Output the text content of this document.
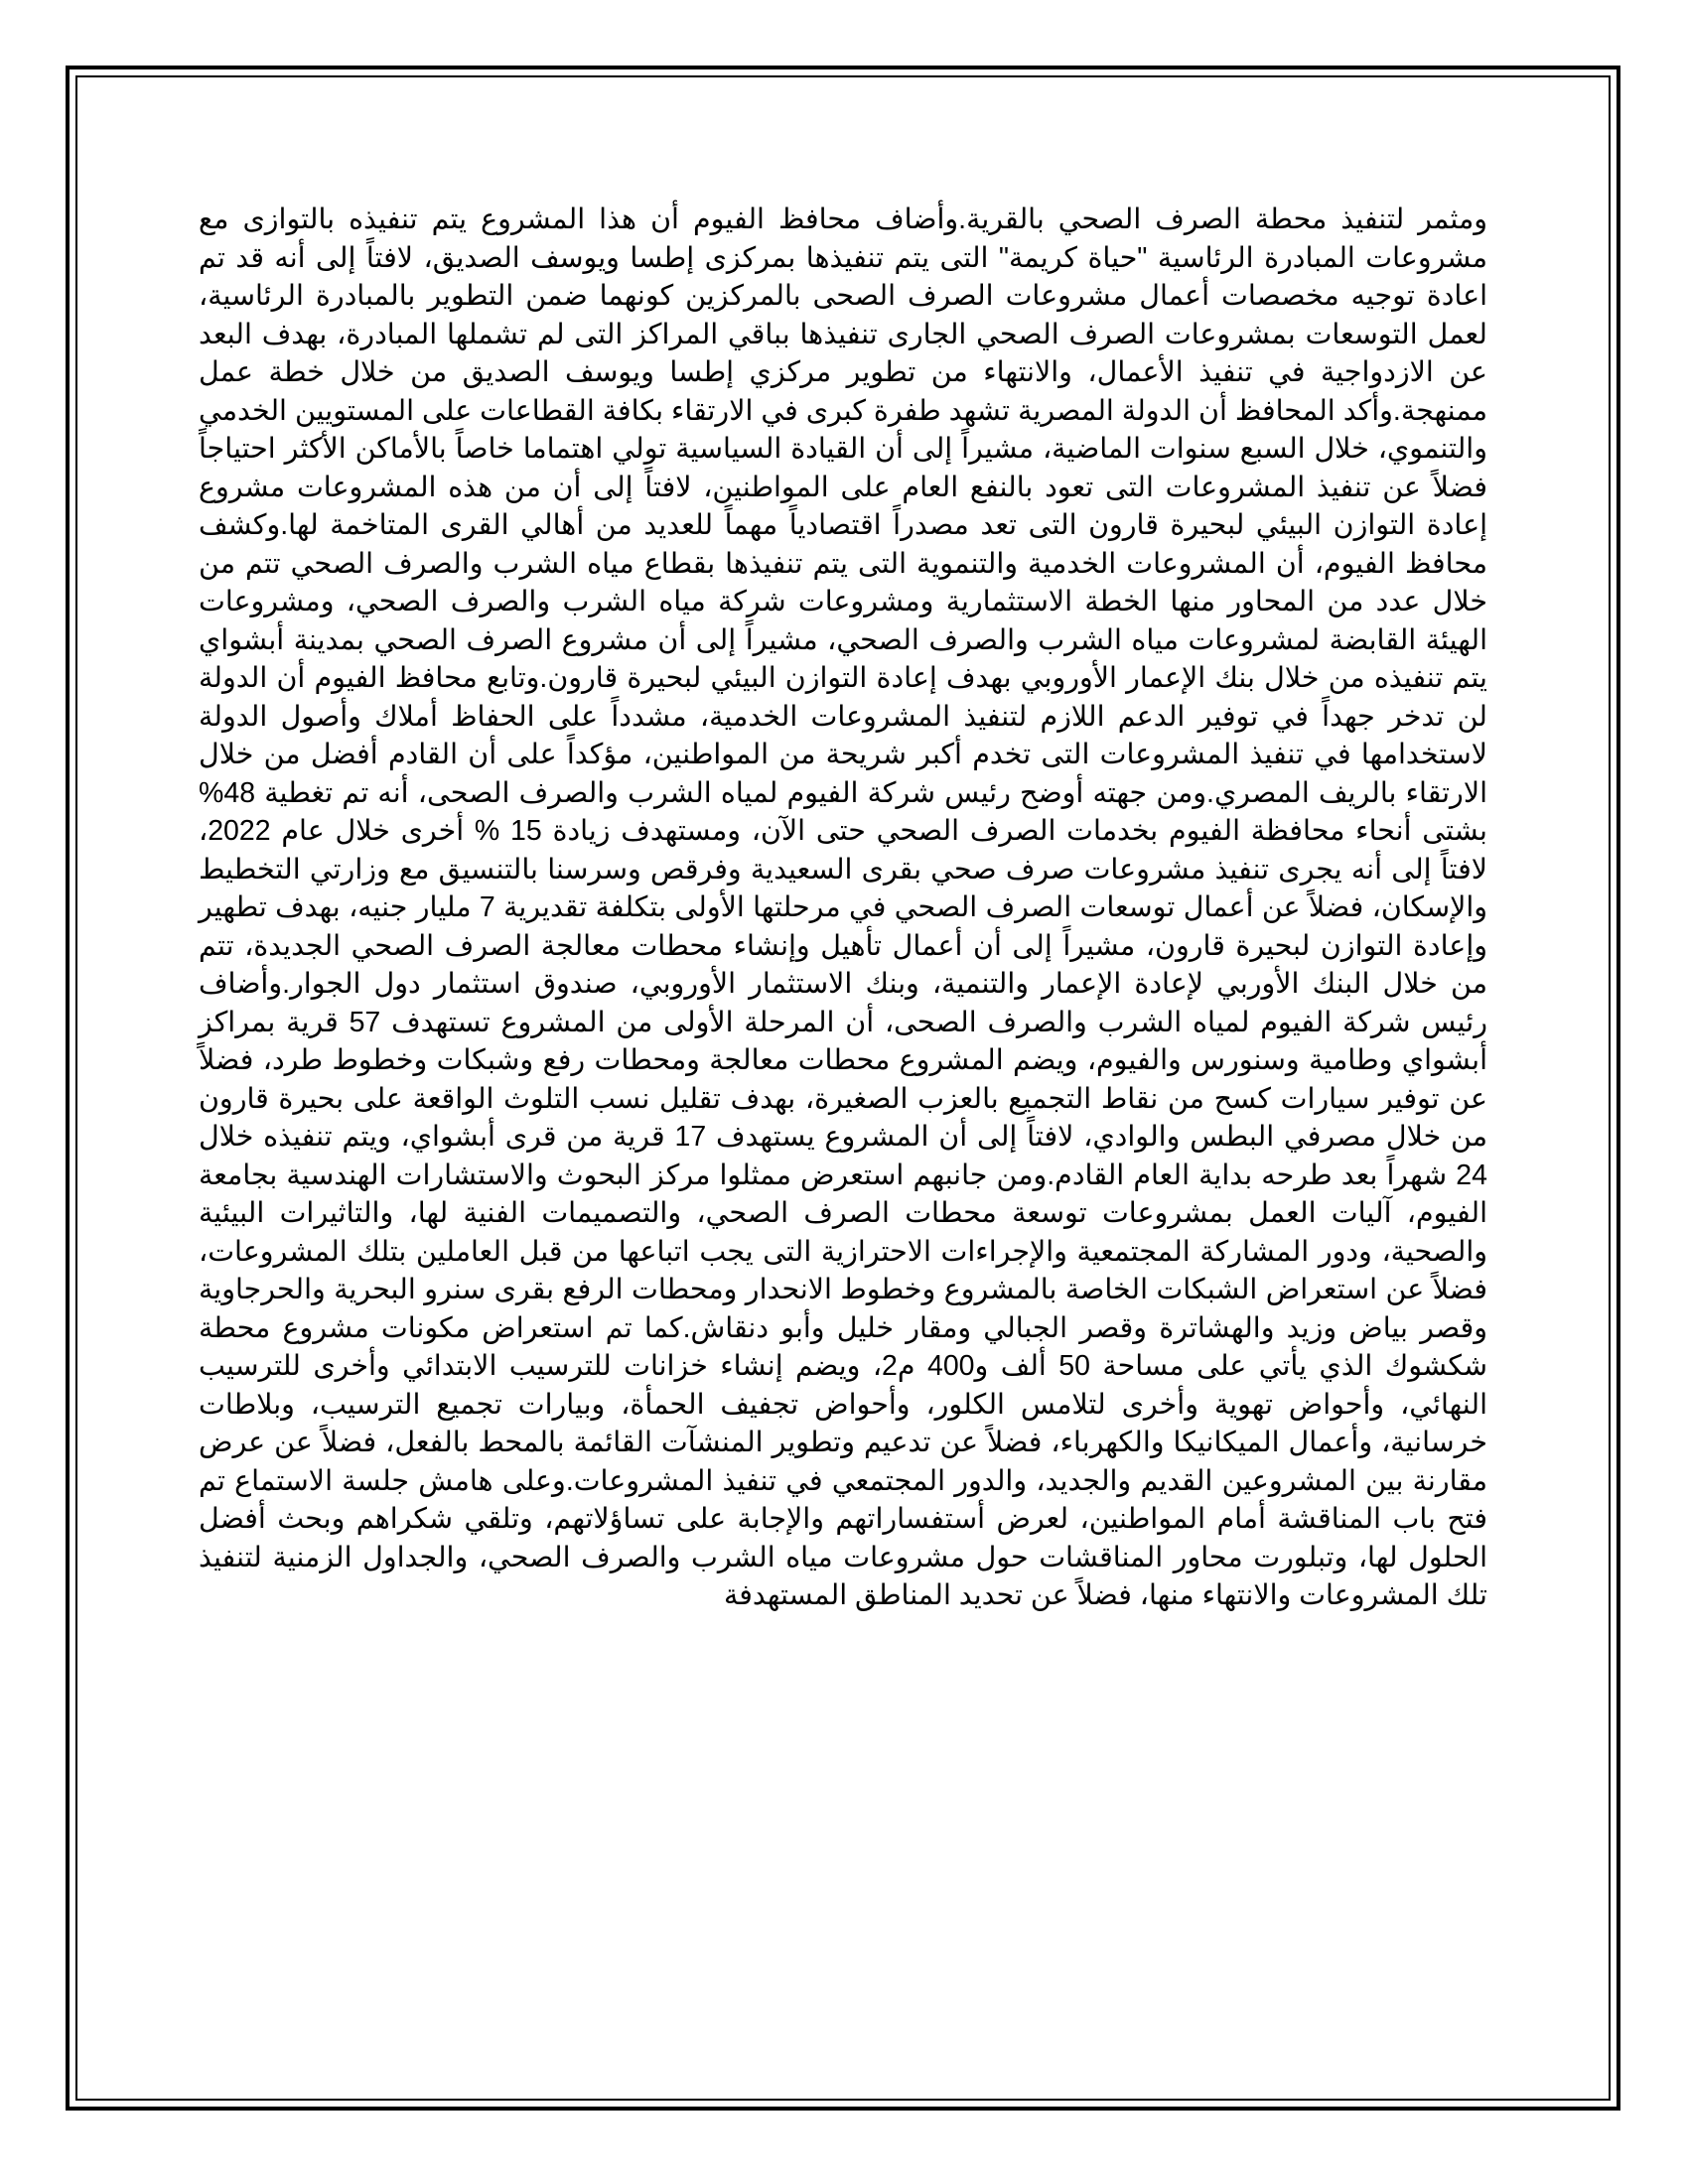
ومثمر لتنفيذ محطة الصرف الصحي بالقرية.وأضاف محافظ الفيوم أن هذا المشروع يتم تنفيذه بالتوازى مع مشروعات المبادرة الرئاسية "حياة كريمة" التى يتم تنفيذها بمركزى إطسا ويوسف الصديق، لافتاً إلى أنه قد تم اعادة توجيه مخصصات أعمال مشروعات الصرف الصحى بالمركزين كونهما ضمن التطوير بالمبادرة الرئاسية، لعمل التوسعات بمشروعات الصرف الصحي الجارى تنفيذها بباقي المراكز التى لم تشملها المبادرة، بهدف البعد عن الازدواجية في تنفيذ الأعمال، والانتهاء من تطوير مركزي إطسا ويوسف الصديق من خلال خطة عمل ممنهجة.وأكد المحافظ أن الدولة المصرية تشهد طفرة كبرى في الارتقاء بكافة القطاعات على المستويين الخدمي والتنموي، خلال السبع سنوات الماضية، مشيراً إلى أن القيادة السياسية تولي اهتماما خاصاً بالأماكن الأكثر احتياجاً فضلاً عن تنفيذ المشروعات التى تعود بالنفع العام على المواطنين، لافتاً إلى أن من هذه المشروعات مشروع إعادة التوازن البيئي لبحيرة قارون التى تعد مصدراً اقتصادياً مهماً للعديد من أهالي القرى المتاخمة لها.وكشف محافظ الفيوم، أن المشروعات الخدمية والتنموية التى يتم تنفيذها بقطاع مياه الشرب والصرف الصحي تتم من خلال عدد من المحاور منها الخطة الاستثمارية ومشروعات شركة مياه الشرب والصرف الصحي، ومشروعات الهيئة القابضة لمشروعات مياه الشرب والصرف الصحي، مشيراً إلى أن مشروع الصرف الصحي بمدينة أبشواي يتم تنفيذه من خلال بنك الإعمار الأوروبي بهدف إعادة التوازن البيئي لبحيرة قارون.وتابع محافظ الفيوم أن الدولة لن تدخر جهداً في توفير الدعم اللازم لتنفيذ المشروعات الخدمية، مشدداً على الحفاظ أملاك وأصول الدولة لاستخدامها في تنفيذ المشروعات التى تخدم أكبر شريحة من المواطنين، مؤكداً على أن القادم أفضل من خلال الارتقاء بالريف المصري.ومن جهته أوضح رئيس شركة الفيوم لمياه الشرب والصرف الصحى، أنه تم تغطية 48% بشتى أنحاء محافظة الفيوم بخدمات الصرف الصحي حتى الآن، ومستهدف زيادة 15 % أخرى خلال عام 2022، لافتاً إلى أنه يجرى تنفيذ مشروعات صرف صحي بقرى السعيدية وفرقص وسرسنا بالتنسيق مع وزارتي التخطيط والإسكان، فضلاً عن أعمال توسعات الصرف الصحي في مرحلتها الأولى بتكلفة تقديرية 7 مليار جنيه، بهدف تطهير وإعادة التوازن لبحيرة قارون، مشيراً إلى أن أعمال تأهيل وإنشاء محطات معالجة الصرف الصحي الجديدة، تتم من خلال البنك الأوربي لإعادة الإعمار والتنمية، وبنك الاستثمار الأوروبي، صندوق استثمار دول الجوار.وأضاف رئيس شركة الفيوم لمياه الشرب والصرف الصحى، أن المرحلة الأولى من المشروع تستهدف 57 قرية بمراكز أبشواي وطامية وسنورس والفيوم، ويضم المشروع محطات معالجة ومحطات رفع وشبكات وخطوط طرد، فضلاً عن توفير سيارات كسح من نقاط التجميع بالعزب الصغيرة، بهدف تقليل نسب التلوث الواقعة على بحيرة قارون من خلال مصرفي البطس والوادي، لافتاً إلى أن المشروع يستهدف 17 قرية من قرى أبشواي، ويتم تنفيذه خلال 24 شهراً بعد طرحه بداية العام القادم.ومن جانبهم استعرض ممثلوا مركز البحوث والاستشارات الهندسية بجامعة الفيوم، آليات العمل بمشروعات توسعة محطات الصرف الصحي، والتصميمات الفنية لها، والتاثيرات البيئية والصحية، ودور المشاركة المجتمعية والإجراءات الاحترازية التى يجب اتباعها من قبل العاملين بتلك المشروعات، فضلاً عن استعراض الشبكات الخاصة بالمشروع وخطوط الانحدار ومحطات الرفع بقرى سنرو البحرية والحرجاوية وقصر بياض وزيد والهشاترة وقصر الجبالي ومقار خليل وأبو دنقاش.كما تم استعراض مكونات مشروع محطة شكشوك الذي يأتي على مساحة 50 ألف و400 م2، ويضم إنشاء خزانات للترسيب الابتدائي وأخرى للترسيب النهائي، وأحواض تهوية وأخرى لتلامس الكلور، وأحواض تجفيف الحمأة، وبيارات تجميع الترسيب، وبلاطات خرسانية، وأعمال الميكانيكا والكهرباء، فضلاً عن تدعيم وتطوير المنشآت القائمة بالمحط بالفعل، فضلاً عن عرض مقارنة بين المشروعين القديم والجديد، والدور المجتمعي في تنفيذ المشروعات.وعلى هامش جلسة الاستماع تم فتح باب المناقشة أمام المواطنين، لعرض أستفساراتهم والإجابة على تساؤلاتهم، وتلقي شكراهم وبحث أفضل الحلول لها، وتبلورت محاور المناقشات حول مشروعات مياه الشرب والصرف الصحي، والجداول الزمنية لتنفيذ تلك المشروعات والانتهاء منها، فضلاً عن تحديد المناطق المستهدفة
